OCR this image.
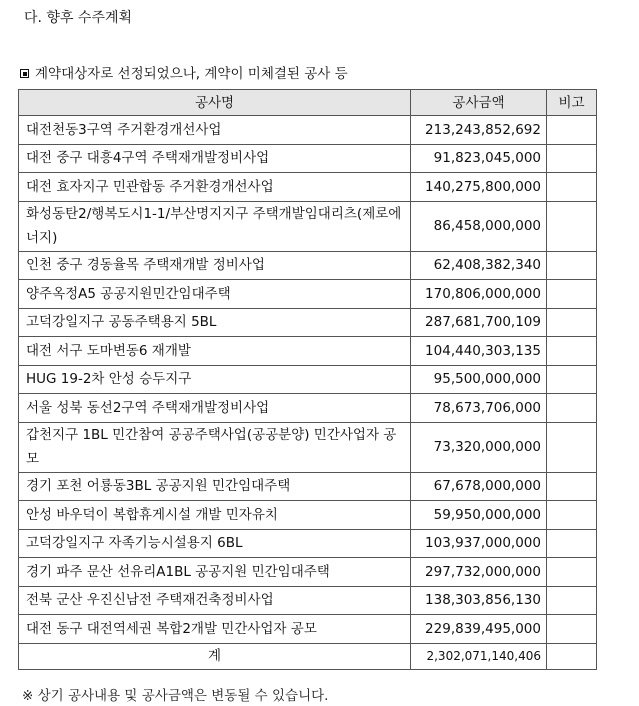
다. 향후 수주계획
계약대상자로 선정되었으나, 계약이 미체결된 공사 등
공사명	공사금액	비고
대전천동3구역 주거환경개선사업	213,243,852,692	
대전 중구 대흥4구역 주택재개발정비사업	91,823,045,000	
대전 효자지구 민관합동 주거환경개선사업	140,275,800,000	
화성동탄2/행복도시1-1/부산명지지구 주택개발임대리츠(제로에너지)	86,458,000,000	
인천 중구 경동율목 주택재개발 정비사업	62,408,382,340	
양주옥정A5 공공지원민간임대주택	170,806,000,000	
고덕강일지구 공동주택용지 5BL	287,681,700,109	
대전 서구 도마변동6 재개발	104,440,303,135	
HUG 19-2차 안성 승두지구	95,500,000,000	
서울 성북 동선2구역 주택재개발정비사업	78,673,706,000	
갑천지구 1BL 민간참여 공공주택사업(공공분양) 민간사업자 공모	73,320,000,000	
경기 포천 어룡동3BL 공공지원 민간임대주택	67,678,000,000	
안성 바우덕이 복합휴게시설 개발 민자유치	59,950,000,000	
고덕강일지구 자족기능시설용지 6BL	103,937,000,000	
경기 파주 문산 선유리A1BL 공공지원 민간임대주택	297,732,000,000	
전북 군산 우진신남전 주택재건축정비사업	138,303,856,130	
대전 동구 대전역세권 복합2개발 민간사업자 공모	229,839,495,000	
계	2,302,071,140,406	
※ 상기 공사내용 및 공사금액은 변동될 수 있습니다.
